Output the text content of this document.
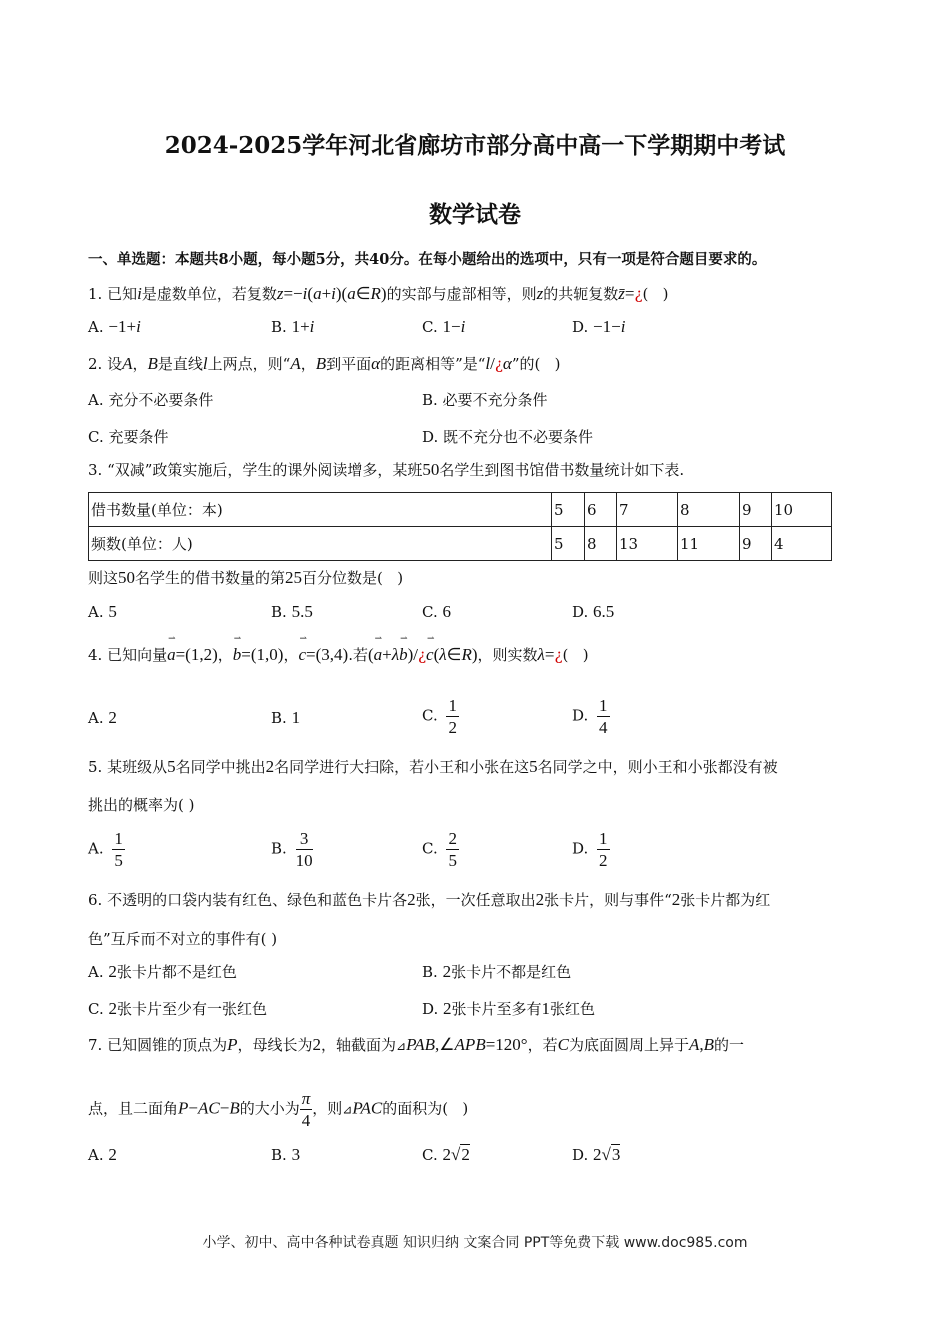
2024-2025学年河北省廊坊市部分高中高一下学期期中考试
数学试卷
一、单选题：本题共8小题，每小题5分，共40分。在每小题给出的选项中，只有一项是符合题目要求的。
1. 已知i是虚数单位，若复数z=−i(a+i)(a∈R)的实部与虚部相等，则z的共轭复数z̄=¿(   )
A. −1+i	B. 1+i	C. 1−i	D. −1−i
2. 设A，B是直线l上两点，则“A，B到平面α的距离相等”是“l/¿α”的(   )
A. 充分不必要条件	B. 必要不充分条件
C. 充要条件	D. 既不充分也不必要条件
3. “双减”政策实施后，学生的课外阅读增多，某班50名学生到图书馆借书数量统计如下表.
借书数量(单位：本)	5	6	7	8	9	10
频数(单位：人)	5	8	13	11	9	4
则这50名学生的借书数量的第25百分位数是(   )
A. 5	B. 5.5	C. 6	D. 6.5
4. 已知向量⇀ a=(1,2)，⇀ b=(1,0)，⇀ c=(3,4).若(⇀ a+λ⇀ b)/¿⇀ c(λ∈R)，则实数λ=¿(   )
A. 2	B. 1	C. $\frac{1}{2}$	D. $\frac{1}{4}$
5. 某班级从5名同学中挑出2名同学进行大扫除，若小王和小张在这5名同学之中，则小王和小张都没有被
挑出的概率为( )
A. $\frac{1}{5}$	B. $\frac{3}{10}$	C. $\frac{2}{5}$	D. $\frac{1}{2}$
6. 不透明的口袋内装有红色、绿色和蓝色卡片各2张，一次任意取出2张卡片，则与事件“2张卡片都为红
色”互斥而不对立的事件有( )
A. 2张卡片都不是红色	B. 2张卡片不都是红色
C. 2张卡片至少有一张红色	D. 2张卡片至多有1张红色
7. 已知圆锥的顶点为P，母线长为2，轴截面为⊿PAB,∠APB=120°，若C为底面圆周上异于A,B的一
点，且二面角P−AC−B的大小为 $\frac{\pi}{4}$ ，则⊿PAC的面积为(   )
A. 2	B. 3	C. 2√2	D. 2√3
小学、初中、高中各种试卷真题 知识归纳 文案合同 PPT等免费下载 www.doc985.com
